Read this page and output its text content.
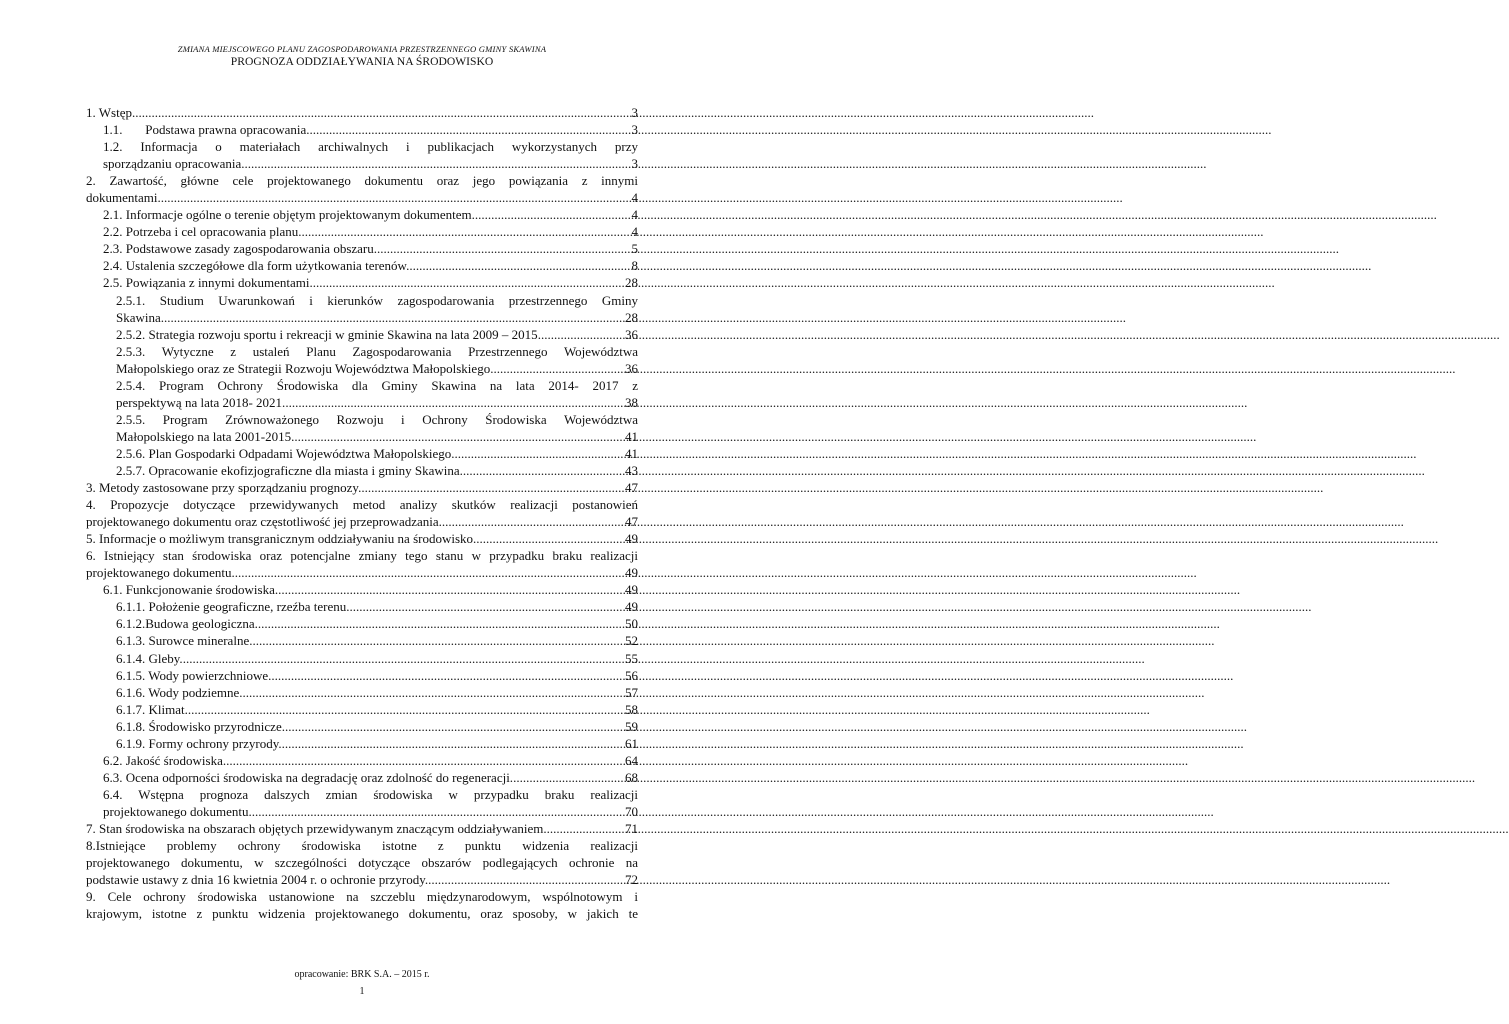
ZMIANA MIEJSCOWEGO PLANU ZAGOSPODAROWANIA PRZESTRZENNEGO GMINY SKAWINA
PROGNOZA ODDZIAŁYWANIA NA ŚRODOWISKO
1. Wstęp .....	3
1.1.       Podstawa prawna opracowania. .....	3
1.2. Informacja o materiałach archiwalnych i publikacjach wykorzystanych przy
sporządzaniu opracowania. .....	3
2. Zawartość, główne cele projektowanego dokumentu oraz jego powiązania z innymi
dokumentami. .....	4
2.1. Informacje ogólne o terenie objętym projektowanym dokumentem. .....	4
2.2. Potrzeba i cel opracowania planu. .....	4
2.3. Podstawowe zasady zagospodarowania obszaru. .....	5
2.4. Ustalenia szczegółowe dla form użytkowania terenów. .....	8
2.5. Powiązania z innymi dokumentami. .....	28
2.5.1. Studium Uwarunkowań i kierunków zagospodarowania przestrzennego Gminy
Skawina. .....	28
2.5.2. Strategia rozwoju sportu i rekreacji w gminie Skawina na lata 2009 – 2015 .....	36
2.5.3. Wytyczne z ustaleń Planu Zagospodarowania Przestrzennego Województwa
Małopolskiego oraz ze Strategii Rozwoju Województwa Małopolskiego. .....	36
2.5.4. Program Ochrony Środowiska dla Gminy Skawina na lata 2014- 2017 z
perspektywą na lata 2018- 2021. .....	38
2.5.5. Program Zrównoważonego Rozwoju i Ochrony Środowiska Województwa
Małopolskiego na lata 2001-2015. .....	41
2.5.6. Plan Gospodarki Odpadami Województwa Małopolskiego. .....	41
2.5.7. Opracowanie ekofizjograficzne dla miasta i gminy Skawina. .....	43
3. Metody zastosowane przy sporządzaniu prognozy. .....	47
4. Propozycje dotyczące przewidywanych metod analizy skutków realizacji postanowień
projektowanego dokumentu oraz częstotliwość jej przeprowadzania. .....	47
5. Informacje o możliwym transgranicznym oddziaływaniu na środowisko. .....	49
6. Istniejący stan środowiska oraz potencjalne zmiany tego stanu w przypadku braku realizacji
projektowanego dokumentu. .....	49
6.1. Funkcjonowanie środowiska. .....	49
6.1.1. Położenie geograficzne, rzeźba terenu. .....	49
6.1.2.Budowa geologiczna. .....	50
6.1.3. Surowce mineralne. .....	52
6.1.4. Gleby. .....	55
6.1.5. Wody powierzchniowe. .....	56
6.1.6. Wody podziemne. .....	57
6.1.7. Klimat. .....	58
6.1.8. Środowisko przyrodnicze. .....	59
6.1.9. Formy ochrony przyrody. .....	61
6.2. Jakość środowiska. .....	64
6.3. Ocena odporności środowiska na degradację oraz zdolność do regeneracji. .....	68
6.4. Wstępna prognoza dalszych zmian środowiska w przypadku braku realizacji
projektowanego dokumentu. .....	70
7. Stan środowiska na obszarach objętych przewidywanym znaczącym oddziaływaniem. .....	71
8.Istniejące problemy ochrony środowiska istotne z punktu widzenia realizacji
projektowanego dokumentu, w szczególności dotyczące obszarów podlegających ochronie na
podstawie ustawy z dnia 16 kwietnia 2004 r. o ochronie przyrody. .....	72
9. Cele ochrony środowiska ustanowione na szczeblu międzynarodowym, wspólnotowym i
krajowym, istotne z punktu widzenia projektowanego dokumentu, oraz sposoby, w jakich te
opracowanie: BRK S.A. – 2015 r.
1
